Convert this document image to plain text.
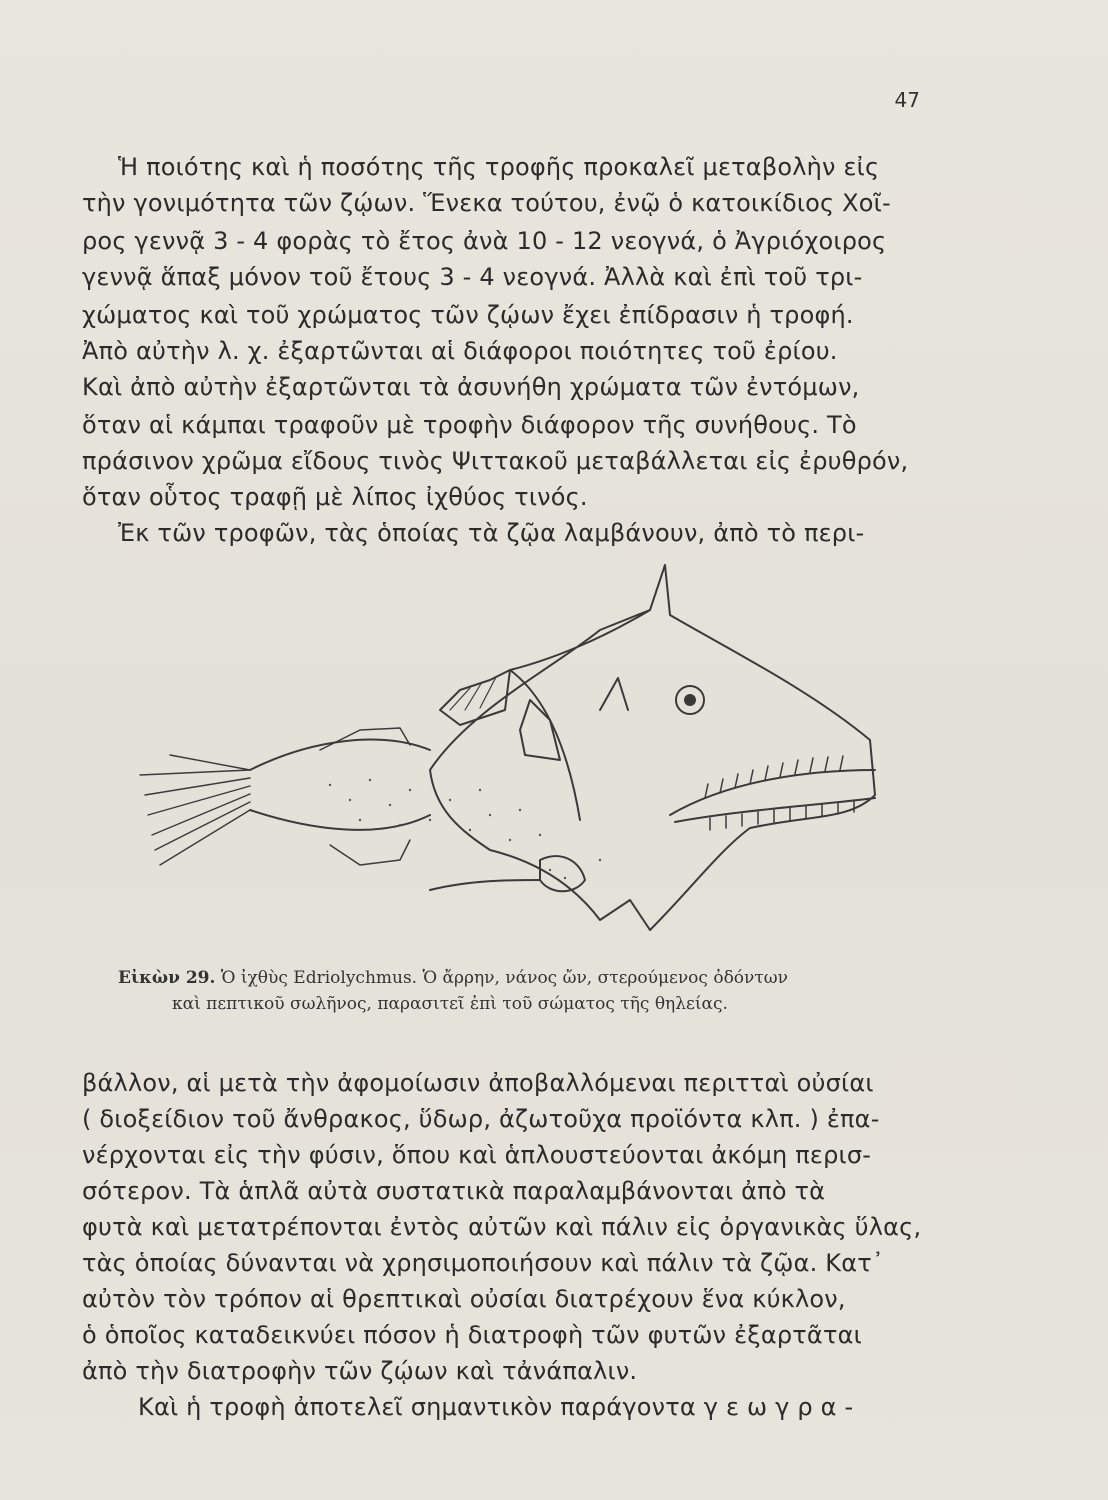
47
Ἡ ποιότης καὶ ἡ ποσότης τῆς τροφῆς προκαλεῖ μεταβολὴν εἰς
τὴν γονιμότητα τῶν ζῴων. Ἕνεκα τούτου, ἐνῷ ὁ κατοικίδιος Χοῖ-
ρος γεννᾷ 3 - 4 φορὰς τὸ ἔτος ἀνὰ 10 - 12 νεογνά, ὁ Ἀγριόχοιρος
γεννᾷ ἅπαξ μόνον τοῦ ἔτους 3 - 4 νεογνά. Ἀλλὰ καὶ ἐπὶ τοῦ τρι-
χώματος καὶ τοῦ χρώματος τῶν ζῴων ἔχει ἐπίδρασιν ἡ τροφή.
Ἀπὸ αὐτὴν λ. χ. ἐξαρτῶνται αἱ διάφοροι ποιότητες τοῦ ἐρίου.
Καὶ ἀπὸ αὐτὴν ἐξαρτῶνται τὰ ἀσυνήθη χρώματα τῶν ἐντόμων,
ὅταν αἱ κάμπαι τραφοῦν μὲ τροφὴν διάφορον τῆς συνήθους. Τὸ
πράσινον χρῶμα εἴδους τινὸς Ψιττακοῦ μεταβάλλεται εἰς ἐρυθρόν,
ὅταν οὗτος τραφῇ μὲ λίπος ἰχθύος τινός.
Ἐκ τῶν τροφῶν, τὰς ὁποίας τὰ ζῷα λαμβάνουν, ἀπὸ τὸ περι-
Εἰκὼν 29. Ὁ ἰχθὺς Edriolychmus. Ὁ ἄρρην, νάνος ὤν, στερούμενος ὀδόντων
καὶ πεπτικοῦ σωλῆνος, παρασιτεῖ ἐπὶ τοῦ σώματος τῆς θηλείας.
βάλλον, αἱ μετὰ τὴν ἀφομοίωσιν ἀποβαλλόμεναι περιτταὶ οὐσίαι
( διοξείδιον τοῦ ἄνθρακος, ὕδωρ, ἀζωτοῦχα προϊόντα κλπ. ) ἐπα-
νέρχονται εἰς τὴν φύσιν, ὅπου καὶ ἁπλουστεύονται ἀκόμη περισ-
σότερον. Τὰ ἁπλᾶ αὐτὰ συστατικὰ παραλαμβάνονται ἀπὸ τὰ
φυτὰ καὶ μετατρέπονται ἐντὸς αὐτῶν καὶ πάλιν εἰς ὀργανικὰς ὕλας,
τὰς ὁποίας δύνανται νὰ χρησιμοποιήσουν καὶ πάλιν τὰ ζῷα. Κατ᾽
αὐτὸν τὸν τρόπον αἱ θρεπτικαὶ οὐσίαι διατρέχουν ἕνα κύκλον,
ὁ ὁποῖος καταδεικνύει πόσον ἡ διατροφὴ τῶν φυτῶν ἐξαρτᾶται
ἀπὸ τὴν διατροφὴν τῶν ζῴων καὶ τἀνάπαλιν.
Καὶ ἡ τροφὴ ἀποτελεῖ σημαντικὸν παράγοντα γ ε ω γ ρ α -
